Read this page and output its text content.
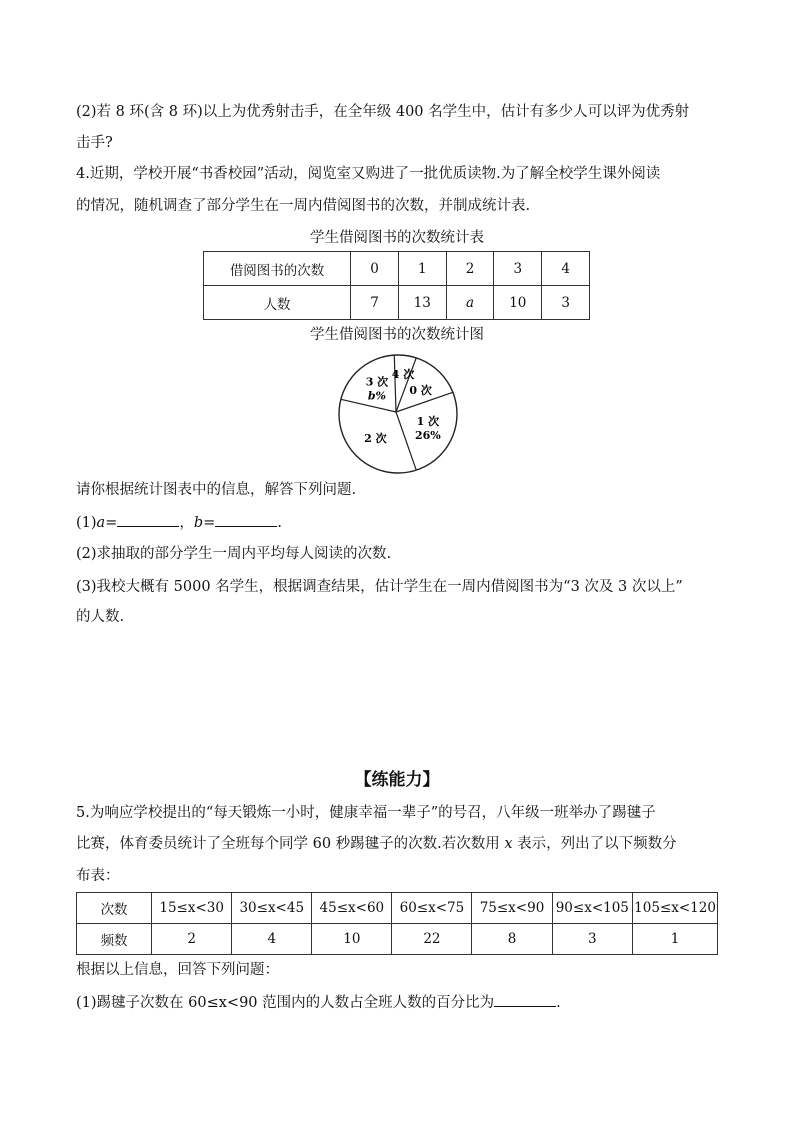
(2)若 8 环(含 8 环)以上为优秀射击手，在全年级 400 名学生中，估计有多少人可以评为优秀射
击手?
4.近期，学校开展“书香校园”活动，阅览室又购进了一批优质读物.为了解全校学生课外阅读
的情况，随机调查了部分学生在一周内借阅图书的次数，并制成统计表.
学生借阅图书的次数统计表
借阅图书的次数	0	1	2	3	4
人数	7	13	a	10	3
学生借阅图书的次数统计图
0 次
1 次
26%
2 次
3 次
b%
4 次
请你根据统计图表中的信息，解答下列问题.
(1)a=	，b=	.
(2)求抽取的部分学生一周内平均每人阅读的次数.
(3)我校大概有 5000 名学生，根据调查结果，估计学生在一周内借阅图书为“3 次及 3 次以上”
的人数.
【练能力】
5.为响应学校提出的“每天锻炼一小时，健康幸福一辈子”的号召，八年级一班举办了踢毽子
比赛，体育委员统计了全班每个同学 60 秒踢毽子的次数.若次数用 x 表示，列出了以下频数分
布表：
次数	15≤x<30	30≤x<45	45≤x<60	60≤x<75	75≤x<90	90≤x<105	105≤x<120
频数	2	4	10	22	8	3	1
根据以上信息，回答下列问题：
(1)踢毽子次数在 60≤x<90 范围内的人数占全班人数的百分比为	.
